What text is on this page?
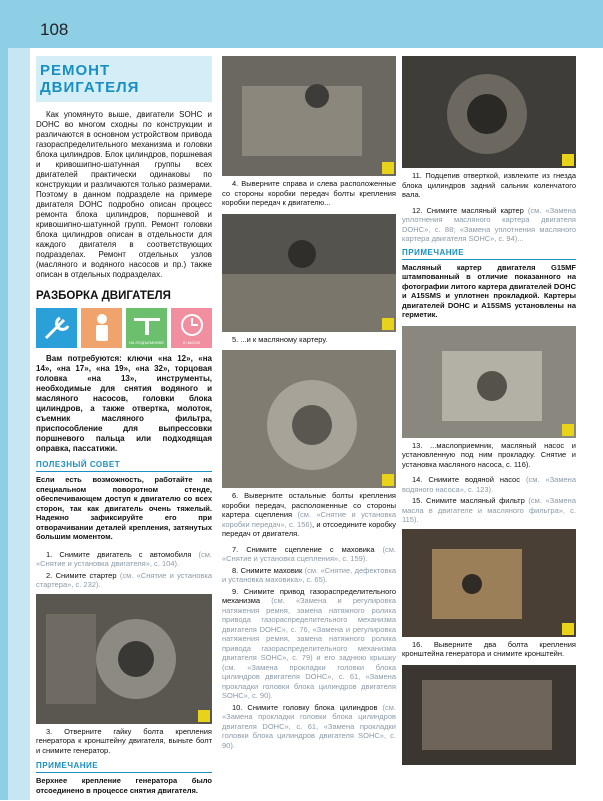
108
РЕМОНТ ДВИГАТЕЛЯ

Как упомянуто выше, двигатели SOHC и DOHC во многом сходны по конструкции и различаются в основном устройством привода газораспределительного механизма и головки блока цилиндров. Блок цилиндров, поршневая и кривошипно-шатунная группы всех двигателей практически одинаковы по конструкции и различаются только размерами. Поэтому в данном подразделе на примере двигателя DOHC подробно описан процесс ремонта блока цилиндров, поршневой и кривошипно-шатунной групп. Ремонт головки блока цилиндров описан в отдельности для каждого двигателя в соответствующих подразделах. Ремонт отдельных узлов (масляного и водяного насосов и пр.) также описан в отдельных подразделах.

РАЗБОРКА ДВИГАТЕЛЯ
НА ПОДЪЕМНИКЕ	8 ЧАСОВ

Вам потребуются: ключи «на 12», «на 14», «на 17», «на 19», «на 32», торцовая головка «на 13», инструменты, необходимые для снятия водяного и масляного насосов, головки блока цилиндров, а также отвертка, молоток, съемник масляного фильтра, приспособление для выпрессовки поршневого пальца или подходящая оправка, пассатижи.

ПОЛЕЗНЫЙ СОВЕТ

Если есть возможность, работайте на специальном поворотном стенде, обеспечивающем доступ к двигателю со всех сторон, так как двигатель очень тяжелый. Надежно зафиксируйте его при отворачивании деталей крепления, затянутых большим моментом.

1. Снимите двигатель с автомобиля (см. «Снятие и установка двигателя», с. 104).

2. Снимите стартер (см. «Снятие и установка стартера», с. 232).

3. Отверните гайку болта крепления генератора к кронштейну двигателя, выньте болт и снимите генератор.

ПРИМЕЧАНИЕ

Верхнее крепление генератора было отсоединено в процессе снятия двигателя.

4. Выверните справа и слева расположенные со стороны коробки передач болты крепления коробки передач к двигателю...

5. ...и к масляному картеру.

6. Выверните остальные болты крепления коробки передач, расположенные со стороны картера сцепления (см. «Снятие и установка коробки передач», с. 156), и отсоедините коробку передач от двигателя.

7. Снимите сцепление с маховика (см. «Снятие и установка сцепления», с. 159).

8. Снимите маховик (см. «Снятие, дефектовка и установка маховика», с. 65).

9. Снимите привод газораспределительного механизма (см. «Замена и регулировка натяжения ремня, замена натяжного ролика привода газораспределительного механизма двигателя DOHC», с. 76, «Замена и регулировка натяжения ремня, замена натяжного ролика привода газораспределительного механизма двигателя SOHC», с. 79) и его заднюю крышку (см. «Замена прокладки головки блока цилиндров двигателя DOHC», с. 61, «Замена прокладки головки блока цилиндров двигателя SOHC», с. 90).

10. Снимите головку блока цилиндров (см. «Замена прокладки головки блока цилиндров двигателя DOHC», с. 61, «Замена прокладки головки блока цилиндров двигателя SOHC», с. 90).

11. Подцепив отверткой, извлеките из гнезда блока цилиндров задний сальник коленчатого вала.

12. Снимите масляный картер (см. «Замена уплотнения масляного картера двигателя DOHC», с. 88; «Замена уплотнения масляного картера двигателя SOHC», с. 94)...

ПРИМЕЧАНИЕ

Масляный картер двигателя G15MF штампованный в отличие показанного на фотографии литого картера двигателей DOHC и A15SMS и уплотнен прокладкой. Картеры двигателей DOHC и A15SMS установлены на герметик.

13. ...маслоприемник, масляный насос и установленную под ним прокладку. Снятие и установка масляного насоса, с. 116).

14. Снимите водяной насос (см. «Замена водяного насоса», с. 123).

15. Снимите масляный фильтр (см. «Замена масла в двигателе и масляного фильтра», с. 115).

16. Выверните два болта крепления кронштейна генератора и снимите кронштейн.
